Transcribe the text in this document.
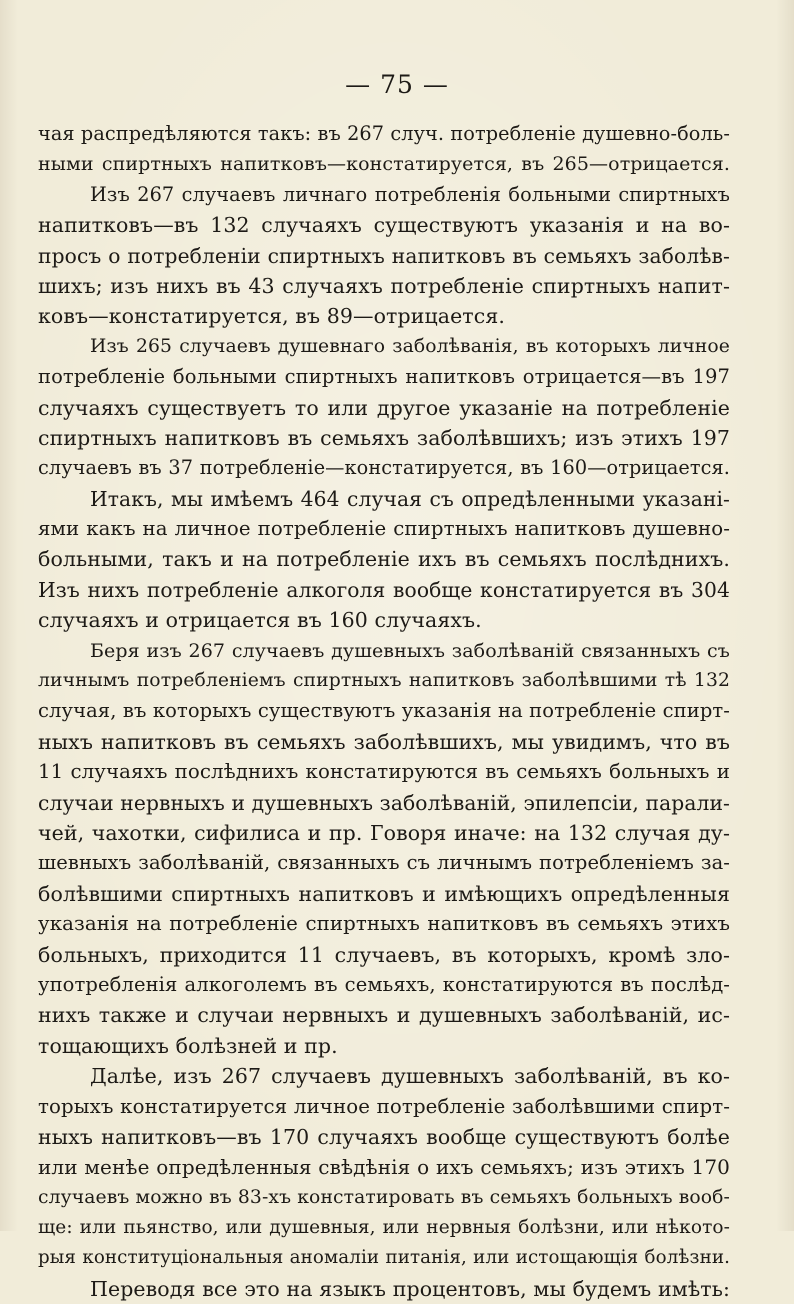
— 75 —
чая распредѣляются такъ: въ 267 случ. потребленіе душевно-боль-
ными спиртныхъ напитковъ—констатируется, въ 265—отрицается.
Изъ 267 случаевъ личнаго потребленія больными спиртныхъ
напитковъ—въ 132 случаяхъ существуютъ указанія и на во-
просъ о потребленіи спиртныхъ напитковъ въ семьяхъ заболѣв-
шихъ; изъ нихъ въ 43 случаяхъ потребленіе спиртныхъ напит-
ковъ—констатируется, въ 89—отрицается.
Изъ 265 случаевъ душевнаго заболѣванія, въ которыхъ личное
потребленіе больными спиртныхъ напитковъ отрицается—въ 197
случаяхъ существуетъ то или другое указаніе на потребленіе
спиртныхъ напитковъ въ семьяхъ заболѣвшихъ; изъ этихъ 197
случаевъ въ 37 потребленіе—констатируется, въ 160—отрицается.
Итакъ, мы имѣемъ 464 случая съ опредѣленными указані-
ями какъ на личное потребленіе спиртныхъ напитковъ душевно-
больными, такъ и на потребленіе ихъ въ семьяхъ послѣднихъ.
Изъ нихъ потребленіе алкоголя вообще констатируется въ 304
случаяхъ и отрицается въ 160 случаяхъ.
Беря изъ 267 случаевъ душевныхъ заболѣваній связанныхъ съ
личнымъ потребленіемъ спиртныхъ напитковъ заболѣвшими тѣ 132
случая, въ которыхъ существуютъ указанія на потребленіе спирт-
ныхъ напитковъ въ семьяхъ заболѣвшихъ, мы увидимъ, что въ
11 случаяхъ послѣднихъ констатируются въ семьяхъ больныхъ и
случаи нервныхъ и душевныхъ заболѣваній, эпилепсіи, парали-
чей, чахотки, сифилиса и пр. Говоря иначе: на 132 случая ду-
шевныхъ заболѣваній, связанныхъ съ личнымъ потребленіемъ за-
болѣвшими спиртныхъ напитковъ и имѣющихъ опредѣленныя
указанія на потребленіе спиртныхъ напитковъ въ семьяхъ этихъ
больныхъ, приходится 11 случаевъ, въ которыхъ, кромѣ зло-
употребленія алкоголемъ въ семьяхъ, констатируются въ послѣд-
нихъ также и случаи нервныхъ и душевныхъ заболѣваній, ис-
тощающихъ болѣзней и пр.
Далѣе, изъ 267 случаевъ душевныхъ заболѣваній, въ ко-
торыхъ констатируется личное потребленіе заболѣвшими спирт-
ныхъ напитковъ—въ 170 случаяхъ вообще существуютъ болѣе
или менѣе опредѣленныя свѣдѣнія о ихъ семьяхъ; изъ этихъ 170
случаевъ можно въ 83-хъ констатировать въ семьяхъ больныхъ вооб-
ще: или пьянство, или душевныя, или нервныя болѣзни, или нѣкото-
рыя конституціональныя аномаліи питанія, или истощающія болѣзни.
Переводя все это на языкъ процентовъ, мы будемъ имѣть:
